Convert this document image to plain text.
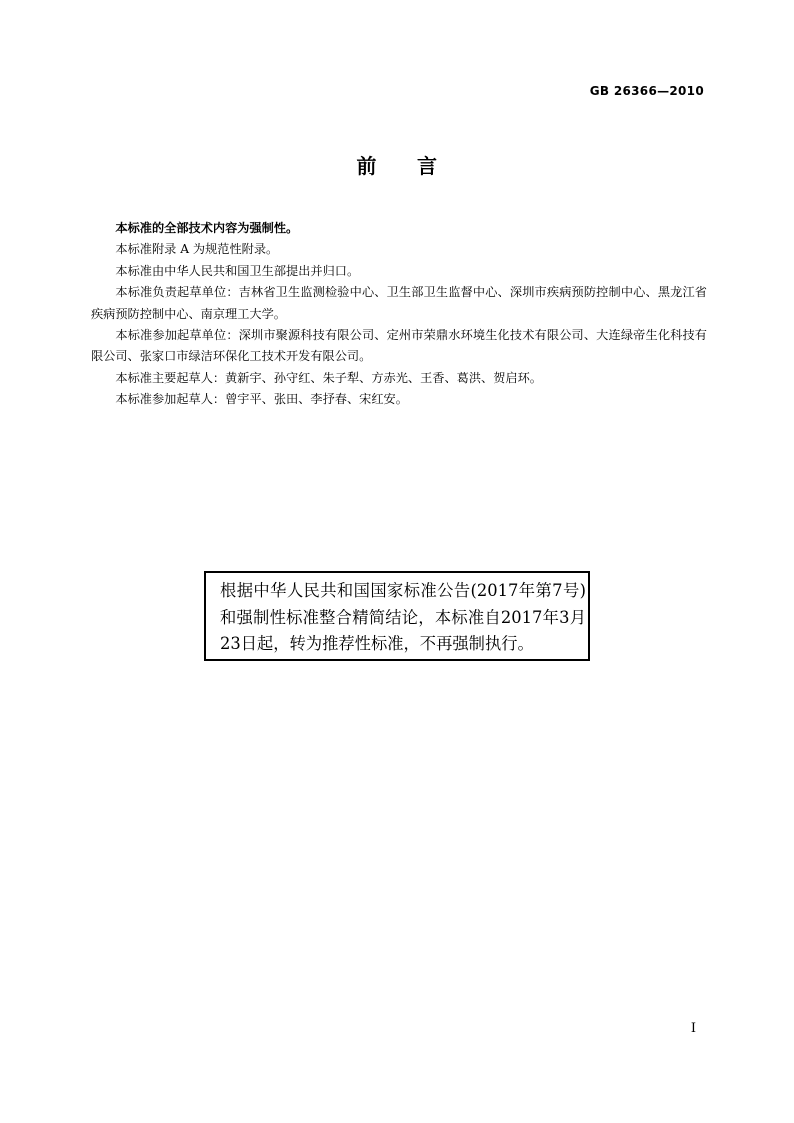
GB 26366—2010
前 言

本标准的全部技术内容为强制性。

本标准附录 A 为规范性附录。

本标准由中华人民共和国卫生部提出并归口。

本标准负责起草单位：吉林省卫生监测检验中心、卫生部卫生监督中心、深圳市疾病预防控制中心、黑龙江省疾病预防控制中心、南京理工大学。

本标准参加起草单位：深圳市聚源科技有限公司、定州市荣鼎水环境生化技术有限公司、大连绿帝生化科技有限公司、张家口市绿洁环保化工技术开发有限公司。

本标准主要起草人：黄新宇、孙守红、朱子犁、方赤光、王香、葛洪、贺启环。

本标准参加起草人：曾宇平、张田、李抒春、宋红安。

根据中华人民共和国国家标准公告(2017年第7号)和强制性标准整合精简结论，本标准自2017年3月23日起，转为推荐性标准，不再强制执行。

I
